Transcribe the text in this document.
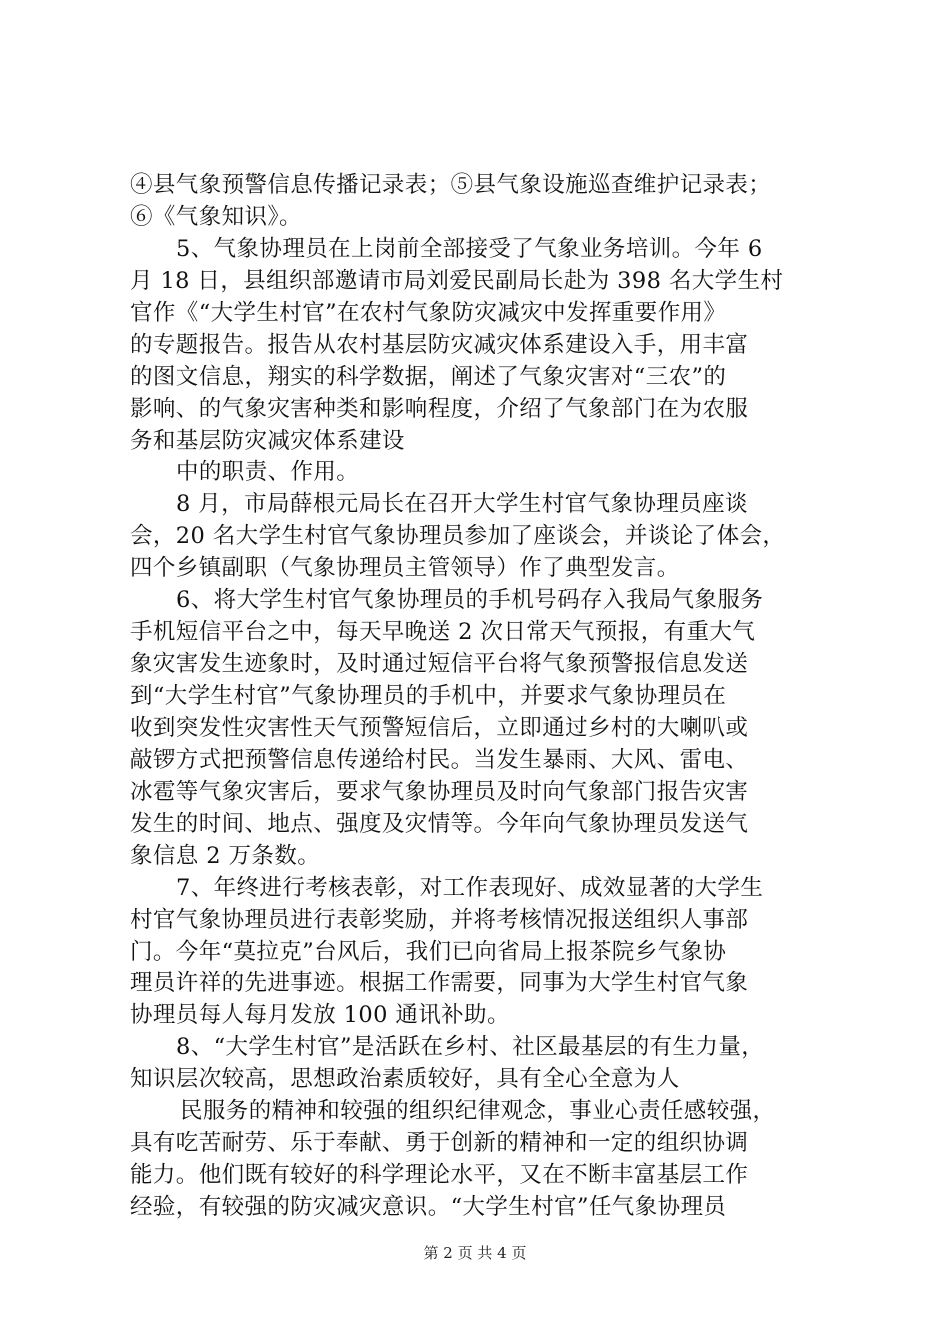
④县气象预警信息传播记录表；⑤县气象设施巡查维护记录表；
⑥《气象知识》。
5、气象协理员在上岗前全部接受了气象业务培训。今年 6
月 18 日，县组织部邀请市局刘爱民副局长赴为 398 名大学生村
官作《“大学生村官”在农村气象防灾减灾中发挥重要作用》
的专题报告。报告从农村基层防灾减灾体系建设入手，用丰富
的图文信息，翔实的科学数据，阐述了气象灾害对“三农”的
影响、的气象灾害种类和影响程度，介绍了气象部门在为农服
务和基层防灾减灾体系建设
中的职责、作用。
8 月，市局薛根元局长在召开大学生村官气象协理员座谈
会，20 名大学生村官气象协理员参加了座谈会，并谈论了体会，
四个乡镇副职（气象协理员主管领导）作了典型发言。
6、将大学生村官气象协理员的手机号码存入我局气象服务
手机短信平台之中，每天早晚送 2 次日常天气预报，有重大气
象灾害发生迹象时，及时通过短信平台将气象预警报信息发送
到“大学生村官”气象协理员的手机中，并要求气象协理员在
收到突发性灾害性天气预警短信后，立即通过乡村的大喇叭或
敲锣方式把预警信息传递给村民。当发生暴雨、大风、雷电、
冰雹等气象灾害后，要求气象协理员及时向气象部门报告灾害
发生的时间、地点、强度及灾情等。今年向气象协理员发送气
象信息 2 万条数。
7、年终进行考核表彰，对工作表现好、成效显著的大学生
村官气象协理员进行表彰奖励，并将考核情况报送组织人事部
门。今年“莫拉克”台风后，我们已向省局上报茶院乡气象协
理员许祥的先进事迹。根据工作需要，同事为大学生村官气象
协理员每人每月发放 100 通讯补助。
8、“大学生村官”是活跃在乡村、社区最基层的有生力量，
知识层次较高，思想政治素质较好，具有全心全意为人
民服务的精神和较强的组织纪律观念，事业心责任感较强，
具有吃苦耐劳、乐于奉献、勇于创新的精神和一定的组织协调
能力。他们既有较好的科学理论水平，又在不断丰富基层工作
经验，有较强的防灾减灾意识。“大学生村官”任气象协理员
第 2 页 共 4 页
